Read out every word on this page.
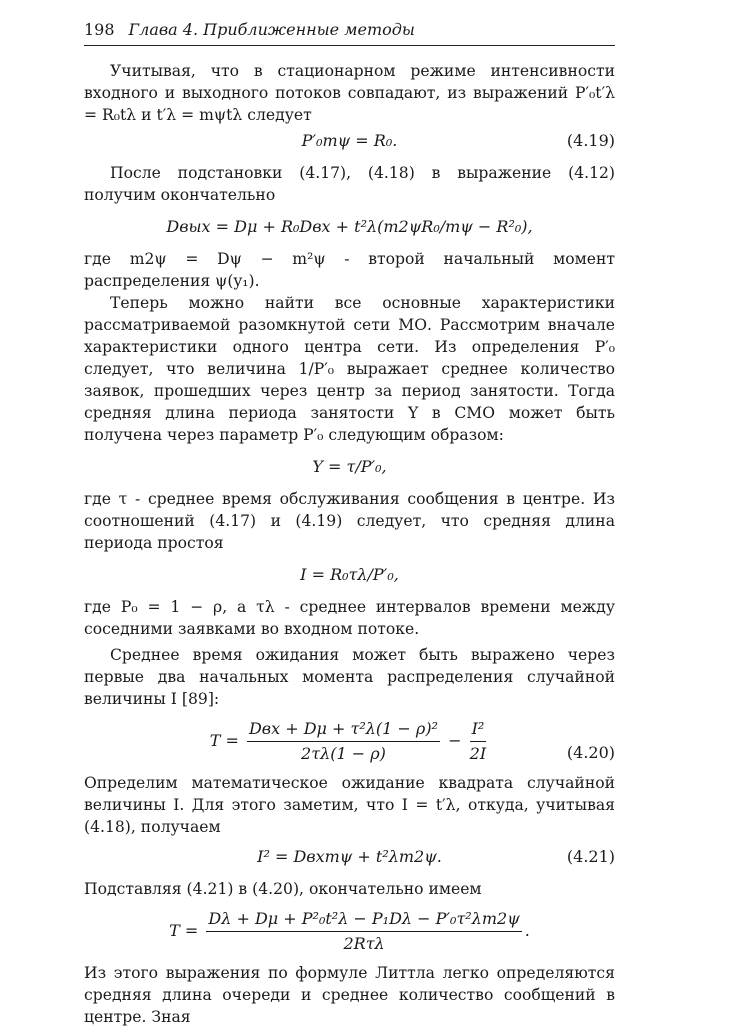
198 Глава 4. Приближенные методы

Учитывая, что в стационарном режиме интенсивности входного и выходного потоков совпадают, из выражений P′₀t′λ = R₀tλ и t′λ = mψtλ следует

P′₀mψ = R₀.	(4.19)

После подстановки (4.17), (4.18) в выражение (4.12) получим окончательно

Dвых = Dμ + R₀Dвх + t²λ(m2ψR₀/mψ − R²₀),

где m2ψ = Dψ − m²ψ - второй начальный момент распределения ψ(y₁).

Теперь можно найти все основные характеристики рассматриваемой разомкнутой сети МО. Рассмотрим вначале характеристики одного центра сети. Из определения P′₀ следует, что величина 1/P′₀ выражает среднее количество заявок, прошедших через центр за период занятости. Тогда средняя длина периода занятости Y в СМО может быть получена через параметр P′₀ следующим образом:

Y = τ/P′₀,

где τ - среднее время обслуживания сообщения в центре. Из соотношений (4.17) и (4.19) следует, что средняя длина периода простоя

I = R₀τλ/P′₀,

где P₀ = 1 − ρ, а τλ - среднее интервалов времени между соседними заявками во входном потоке.

Среднее время ожидания может быть выражено через первые два начальных момента распределения случайной величины I [89]:

$T = \frac{\text{Dвх + Dμ + τ²λ(1 − ρ)²}}{2\tau\lambda(1 - \rho)} - \frac{\text{I²}}{2I}$	(4.20)

Определим математическое ожидание квадрата случайной величины I. Для этого заметим, что I = t′λ, откуда, учитывая (4.18), получаем

I² = Dвхmψ + t²λm2ψ.	(4.21)

Подставляя (4.21) в (4.20), окончательно имеем

$T = \frac{\text{Dλ + Dμ + P²₀t²λ − P₁Dλ − P′₀τ²λm2ψ}}{\text{2Rτλ}}$ .

Из этого выражения по формуле Литтла легко определяются средняя длина очереди и среднее количество сообщений в центре. Зная
